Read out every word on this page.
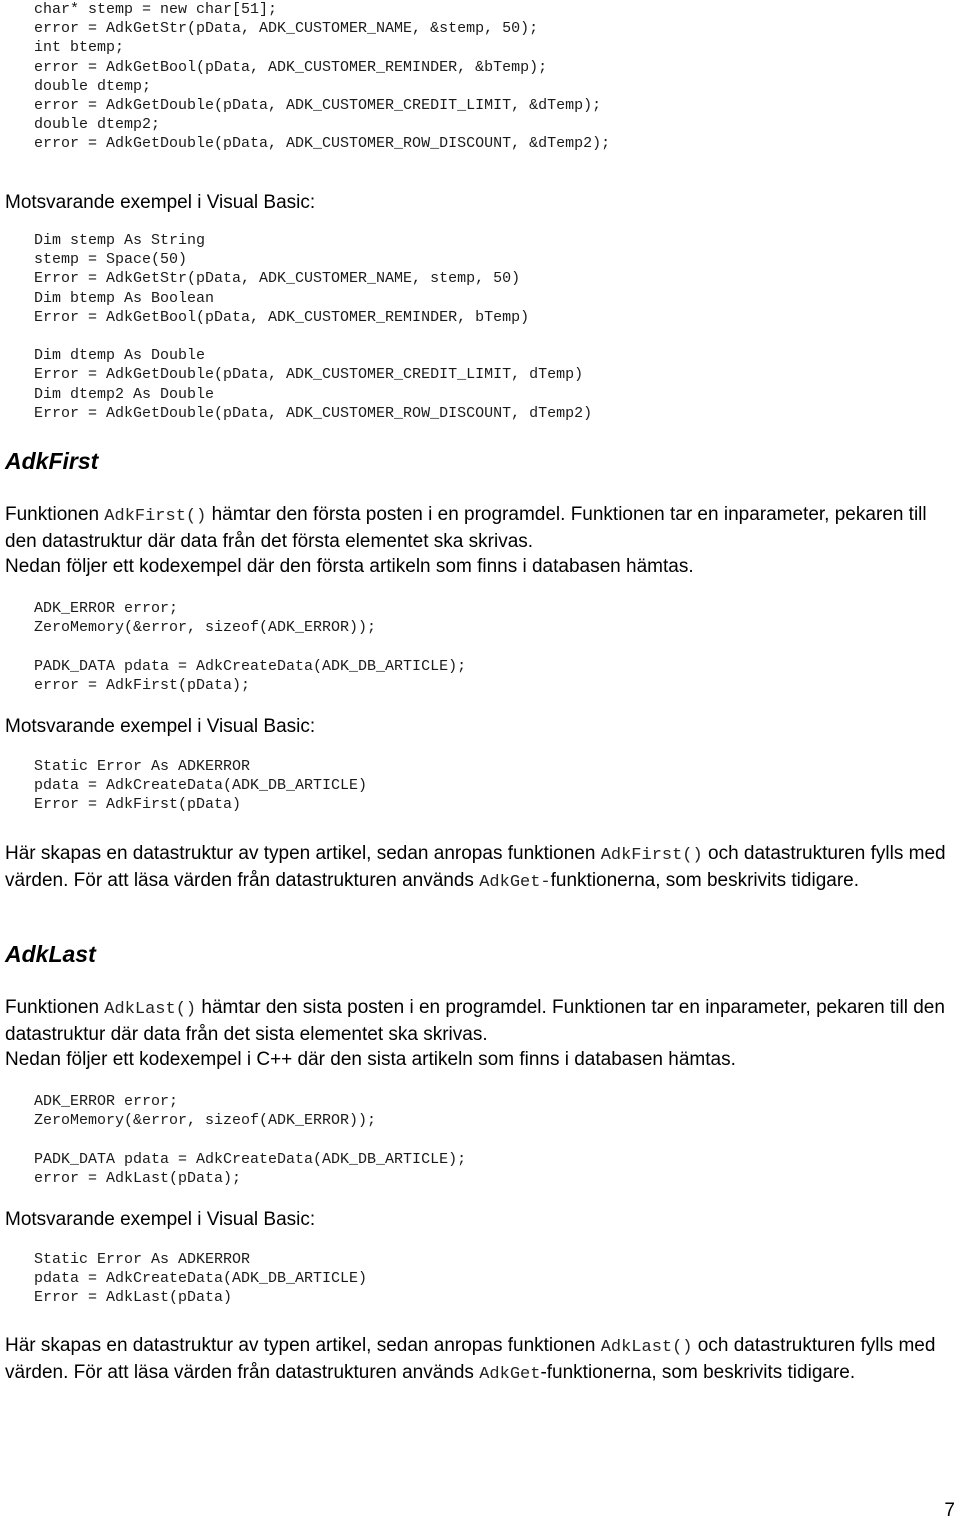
char* stemp = new char[51];
error = AdkGetStr(pData, ADK_CUSTOMER_NAME, &stemp, 50);
int btemp;
error = AdkGetBool(pData, ADK_CUSTOMER_REMINDER, &bTemp);
double dtemp;
error = AdkGetDouble(pData, ADK_CUSTOMER_CREDIT_LIMIT, &dTemp);
double dtemp2;
error = AdkGetDouble(pData, ADK_CUSTOMER_ROW_DISCOUNT, &dTemp2);

Motsvarande exempel i Visual Basic:

Dim stemp As String
stemp = Space(50)
Error = AdkGetStr(pData, ADK_CUSTOMER_NAME, stemp, 50)
Dim btemp As Boolean
Error = AdkGetBool(pData, ADK_CUSTOMER_REMINDER, bTemp)
Dim dtemp As Double
Error = AdkGetDouble(pData, ADK_CUSTOMER_CREDIT_LIMIT, dTemp)
Dim dtemp2 As Double
Error = AdkGetDouble(pData, ADK_CUSTOMER_ROW_DISCOUNT, dTemp2)
AdkFirst

Funktionen AdkFirst() hämtar den första posten i en programdel. Funktionen tar en inparameter, pekaren till den datastruktur där data från det första elementet ska skrivas.
Nedan följer ett kodexempel där den första artikeln som finns i databasen hämtas.

ADK_ERROR error;
ZeroMemory(&error, sizeof(ADK_ERROR));
PADK_DATA pdata = AdkCreateData(ADK_DB_ARTICLE);
error = AdkFirst(pData);

Motsvarande exempel i Visual Basic:

Static Error As ADKERROR
pdata = AdkCreateData(ADK_DB_ARTICLE)
Error = AdkFirst(pData)

Här skapas en datastruktur av typen artikel, sedan anropas funktionen AdkFirst() och datastrukturen fylls med värden. För att läsa värden från datastrukturen används AdkGet-funktionerna, som beskrivits tidigare.

AdkLast

Funktionen AdkLast() hämtar den sista posten i en programdel. Funktionen tar en inparameter, pekaren till den datastruktur där data från det sista elementet ska skrivas.
Nedan följer ett kodexempel i C++ där den sista artikeln som finns i databasen hämtas.

ADK_ERROR error;
ZeroMemory(&error, sizeof(ADK_ERROR));
PADK_DATA pdata = AdkCreateData(ADK_DB_ARTICLE);
error = AdkLast(pData);

Motsvarande exempel i Visual Basic:

Static Error As ADKERROR
pdata = AdkCreateData(ADK_DB_ARTICLE)
Error = AdkLast(pData)

Här skapas en datastruktur av typen artikel, sedan anropas funktionen AdkLast() och datastrukturen fylls med värden. För att läsa värden från datastrukturen används AdkGet-funktionerna, som beskrivits tidigare.

7
